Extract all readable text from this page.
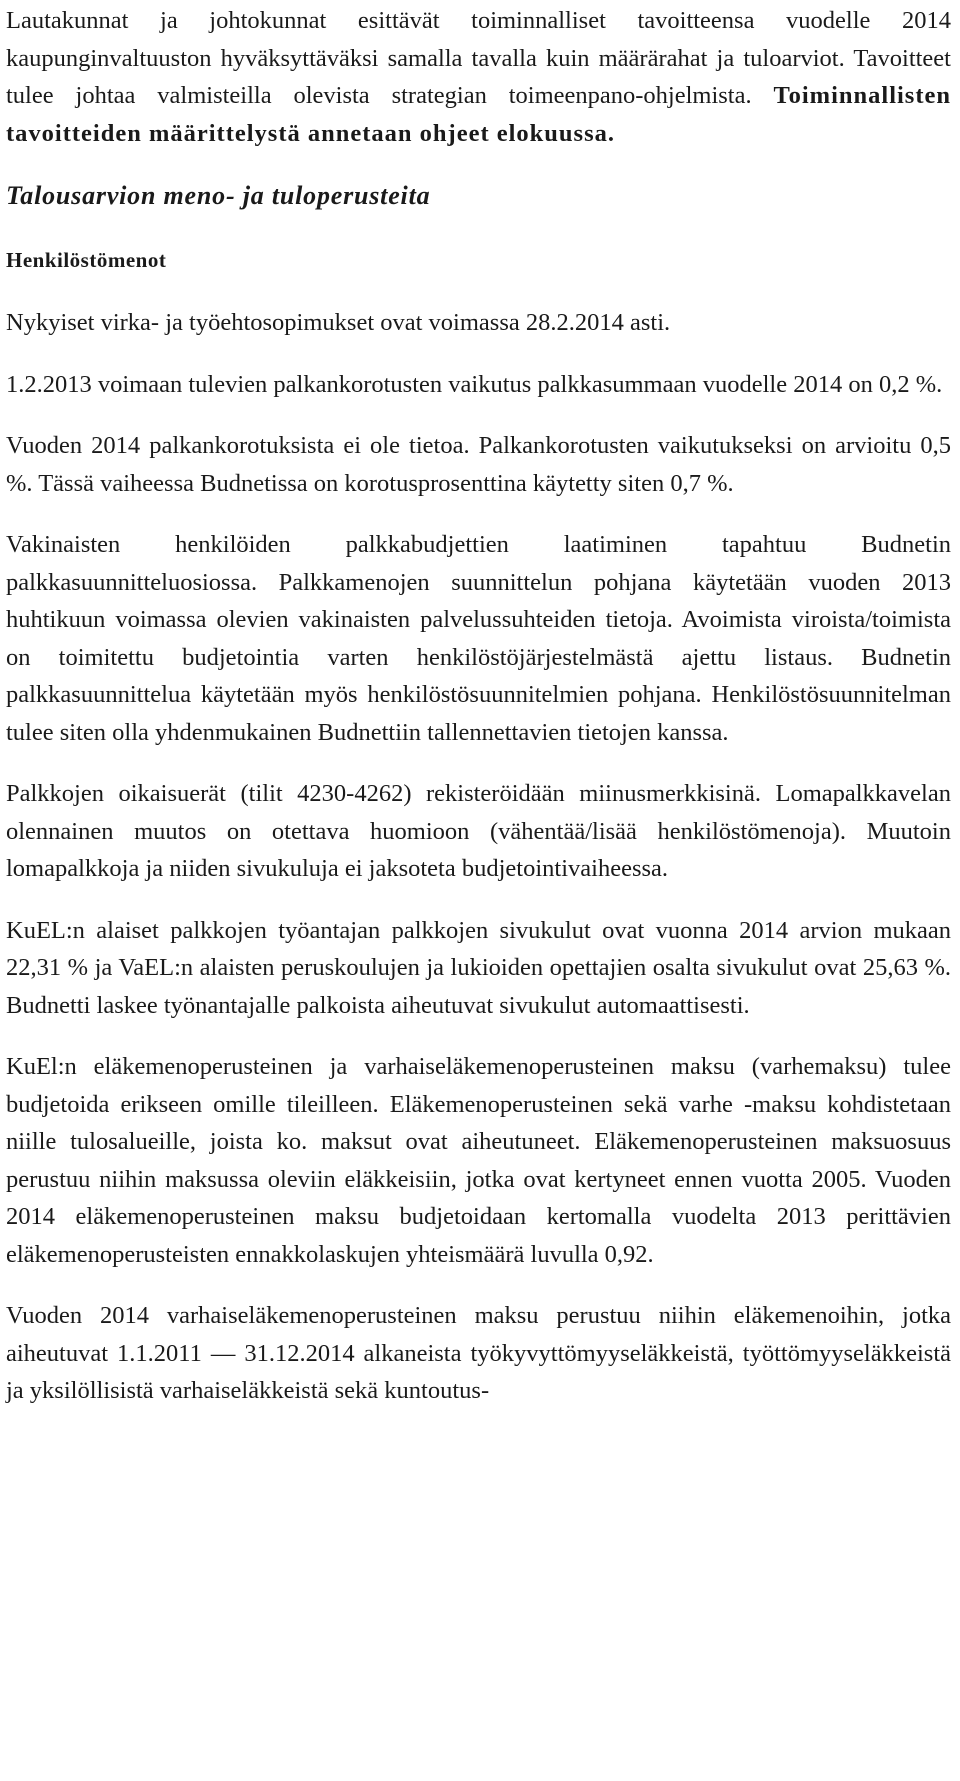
Lautakunnat ja johtokunnat esittävät toiminnalliset tavoitteensa vuodelle 2014 kaupunginvaltuuston hyväksyttäväksi samalla tavalla kuin määrärahat ja tuloarviot. Tavoitteet tulee johtaa valmisteilla olevista strategian toimeenpano-ohjelmista. Toiminnallisten tavoitteiden määrittelystä annetaan ohjeet elokuussa.

Talousarvion meno- ja tuloperusteita
Henkilöstömenot

Nykyiset virka- ja työehtosopimukset ovat voimassa 28.2.2014 asti.

1.2.2013 voimaan tulevien palkankorotusten vaikutus palkkasummaan vuodelle 2014 on 0,2 %.

Vuoden 2014 palkankorotuksista ei ole tietoa. Palkankorotusten vaikutukseksi on arvioitu 0,5 %. Tässä vaiheessa Budnetissa on korotusprosenttina käytetty siten 0,7 %.

Vakinaisten henkilöiden palkkabudjettien laatiminen tapahtuu Budnetin palkkasuunnitteluosiossa. Palkkamenojen suunnittelun pohjana käytetään vuoden 2013 huhtikuun voimassa olevien vakinaisten palvelussuhteiden tietoja. Avoimista viroista/toimista on toimitettu budjetointia varten henkilöstöjärjestelmästä ajettu listaus. Budnetin palkkasuunnittelua käytetään myös henkilöstösuunnitelmien pohjana. Henkilöstösuunnitelman tulee siten olla yhdenmukainen Budnettiin tallennettavien tietojen kanssa.

Palkkojen oikaisuerät (tilit 4230-4262) rekisteröidään miinusmerkkisinä. Lomapalkkavelan olennainen muutos on otettava huomioon (vähentää/lisää henkilöstömenoja). Muutoin lomapalkkoja ja niiden sivukuluja ei jaksoteta budjetointivaiheessa.

KuEL:n alaiset palkkojen työantajan palkkojen sivukulut ovat vuonna 2014 arvion mukaan 22,31 % ja VaEL:n alaisten peruskoulujen ja lukioiden opettajien osalta sivukulut ovat 25,63 %. Budnetti laskee työnantajalle palkoista aiheutuvat sivukulut automaattisesti.

KuEl:n eläkemenoperusteinen ja varhaiseläkemenoperusteinen maksu (varhemaksu) tulee budjetoida erikseen omille tileilleen. Eläkemenoperusteinen sekä varhe -maksu kohdistetaan niille tulosalueille, joista ko. maksut ovat aiheutuneet. Eläkemenoperusteinen maksuosuus perustuu niihin maksussa oleviin eläkkeisiin, jotka ovat kertyneet ennen vuotta 2005. Vuoden 2014 eläkemenoperusteinen maksu budjetoidaan kertomalla vuodelta 2013 perittävien eläkemenoperusteisten ennakkolaskujen yhteismäärä luvulla 0,92.

Vuoden 2014 varhaiseläkemenoperusteinen maksu perustuu niihin eläkemenoihin, jotka aiheutuvat 1.1.2011 — 31.12.2014 alkaneista työkyvyttömyyseläkkeistä, työttömyyseläkkeistä ja yksilöllisistä varhaiseläkkeistä sekä kuntoutus-
